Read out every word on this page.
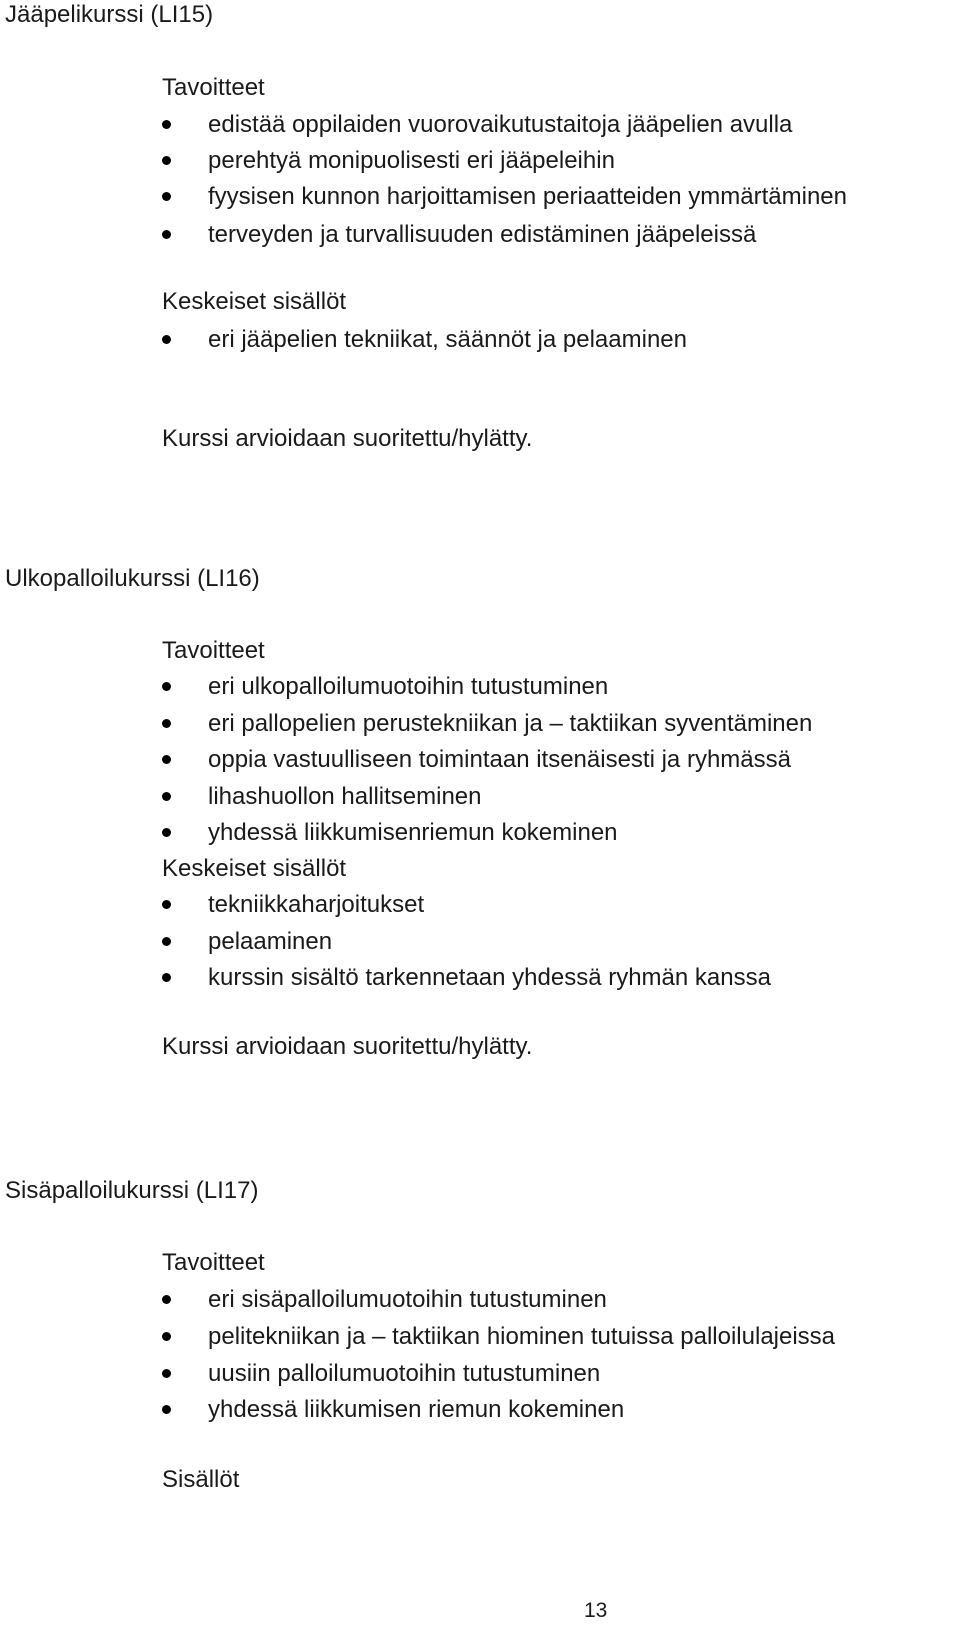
Jääpelikurssi (LI15)
Tavoitteet
edistää oppilaiden vuorovaikutustaitoja jääpelien avulla
perehtyä monipuolisesti eri jääpeleihin
fyysisen kunnon harjoittamisen periaatteiden ymmärtäminen
terveyden ja turvallisuuden edistäminen jääpeleissä
Keskeiset sisällöt
eri jääpelien tekniikat, säännöt ja pelaaminen
Kurssi arvioidaan suoritettu/hylätty.
Ulkopalloilukurssi (LI16)
Tavoitteet
eri ulkopalloilumuotoihin tutustuminen
eri pallopelien perustekniikan ja – taktiikan syventäminen
oppia vastuulliseen toimintaan itsenäisesti ja ryhmässä
lihashuollon hallitseminen
yhdessä liikkumisenriemun kokeminen
Keskeiset sisällöt
tekniikkaharjoitukset
pelaaminen
kurssin sisältö tarkennetaan yhdessä ryhmän kanssa
Kurssi arvioidaan suoritettu/hylätty.
Sisäpalloilukurssi (LI17)
Tavoitteet
eri sisäpalloilumuotoihin tutustuminen
pelitekniikan ja – taktiikan hiominen tutuissa palloilulajeissa
uusiin palloilumuotoihin tutustuminen
yhdessä liikkumisen riemun kokeminen
Sisällöt
13
